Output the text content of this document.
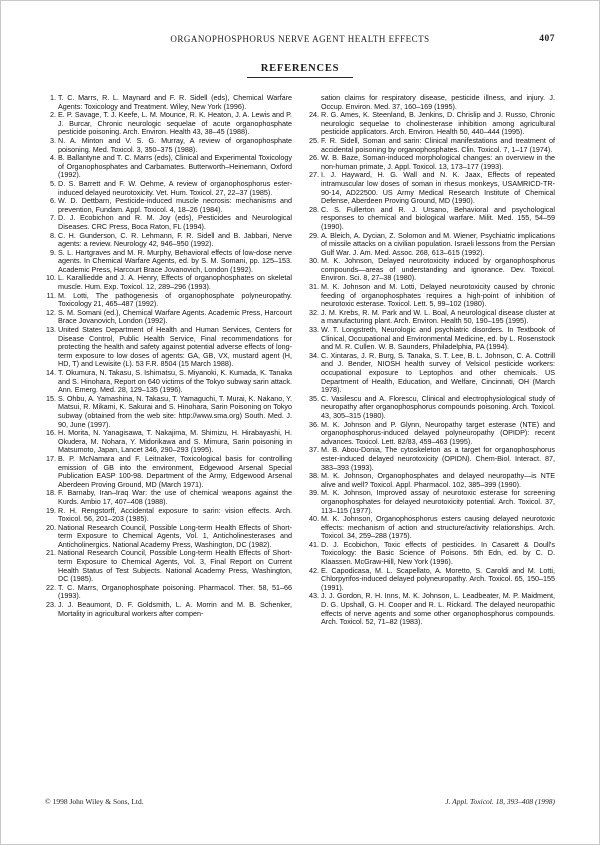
ORGANOPHOSPHORUS NERVE AGENT HEALTH EFFECTS	407
REFERENCES
1. T. C. Marrs, R. L. Maynard and F. R. Sidell (eds), Chemical Warfare Agents: Toxicology and Treatment. Wiley, New York (1996).
2. E. P. Savage, T. J. Keefe, L. M. Mounce, R. K. Heaton, J. A. Lewis and P. J. Burcar, Chronic neurologic sequelae of acute organophosphate pesticide poisoning. Arch. Environ. Health 43, 38–45 (1988).
3. N. A. Minton and V. S. G. Murray, A review of organophosphate poisoning. Med. Toxicol. 3, 350–375 (1988).
4. B. Ballantyne and T. C. Marrs (eds), Clinical and Experimental Toxicology of Organophosphates and Carbamates. Butterworth–Heinemann, Oxford (1992).
5. D. S. Barrett and F. W. Oehme, A review of organophosphorus ester-induced delayed neurotoxicity. Vet. Hum. Toxicol. 27, 22–37 (1985).
6. W. D. Dettbarn, Pesticide-induced muscle necrosis: mechanisms and prevention, Fundam. Appl. Toxicol. 4, 18–26 (1984).
7. D. J. Ecobichon and R. M. Joy (eds), Pesticides and Neurological Diseases. CRC Press, Boca Raton, FL (1994).
8. C. H. Gunderson, C. R. Lehmann, F. R. Sidell and B. Jabbari, Nerve agents: a review. Neurology 42, 946–950 (1992).
9. S. L. Hartgraves and M. R. Murphy, Behavioral effects of low-dose nerve agents. In Chemical Warfare Agents, ed. by S. M. Somani, pp. 125–153. Academic Press, Harcourt Brace Jovanovich, London (1992).
10. L. Karalliedde and J. A. Henry, Effects of organophosphates on skeletal muscle. Hum. Exp. Toxicol. 12, 289–296 (1993).
11. M. Lotti, The pathogenesis of organophosphate polyneuropathy. Toxicology 21, 465–487 (1992).
12. S. M. Somani (ed.), Chemical Warfare Agents. Academic Press, Harcourt Brace Jovanovich, London (1992).
13. United States Department of Health and Human Services, Centers for Disease Control, Public Health Service, Final recommendations for protecting the health and safety against potential adverse effects of long-term exposure to low doses of agents: GA, GB, VX, mustard agent (H, HD, T) and Lewisite (L). 53 F.R. 8504 (15 March 1988).
14. T. Okumura, N. Takasu, S. Ishimatsu, S. Miyanoki, K. Kumada, K. Tanaka and S. Hinohara, Report on 640 victims of the Tokyo subway sarin attack. Ann. Emerg. Med. 28, 129–135 (1996).
15. S. Ohbu, A. Yamashina, N. Takasu, T. Yamaguchi, T. Murai, K. Nakano, Y. Matsui, R. Mikami, K. Sakurai and S. Hinohara, Sarin Poisoning on Tokyo subway (obtained from the web site: http://www.sma.org) South. Med. J. 90, June (1997).
16. H. Morita, N. Yanagisawa, T. Nakajima, M. Shimizu, H. Hirabayashi, H. Okudera, M. Nohara, Y. Midorikawa and S. Mimura, Sarin poisoning in Matsumoto, Japan, Lancet 346, 290–293 (1995).
17. B. P. McNamara and F. Leitnaker, Toxicological basis for controlling emission of GB into the environment, Edgewood Arsenal Special Publication EASP 100-98. Department of the Army, Edgewood Arsenal Aberdeen Proving Ground, MD (March 1971).
18. F. Barnaby, Iran–Iraq War: the use of chemical weapons against the Kurds. Ambio 17, 407–408 (1988).
19. R. H. Rengstorff, Accidental exposure to sarin: vision effects. Arch. Toxicol. 56, 201–203 (1985).
20. National Research Council, Possible Long-term Health Effects of Short-term Exposure to Chemical Agents, Vol. 1, Anticholinesterases and Anticholinergics. National Academy Press, Washington, DC (1982).
21. National Research Council, Possible Long-term Health Effects of Short-term Exposure to Chemical Agents, Vol. 3, Final Report on Current Health Status of Test Subjects. National Academy Press, Washington, DC (1985).
22. T. C. Marrs, Organophosphate poisoning. Pharmacol. Ther. 58, 51–66 (1993).
23. J. J. Beaumont, D. F. Goldsmith, L. A. Morrin and M. B. Schenker, Mortality in agricultural workers after compen-

sation claims for respiratory disease, pesticide illness, and injury. J. Occup. Environ. Med. 37, 160–169 (1995).

24. R. G. Ames, K. Steenland, B. Jenkins, D. Chrislip and J. Russo, Chronic neurologic sequelae to cholinesterase inhibition among agricultural pesticide applicators. Arch. Environ. Health 50, 440–444 (1995).
25. F. R. Sidell, Soman and sarin: Clinical manifestations and treatment of accidental poisoning by organophosphates. Clin. Toxicol. 7, 1–17 (1974).
26. W. B. Baze, Soman-induced morphological changes: an overview in the non-human primate, J. Appl. Toxicol. 13, 173–177 (1993).
27. I. J. Hayward, H. G. Wall and N. K. Jaax, Effects of repeated intramuscular low doses of soman in rhesus monkeys, USAMRICD-TR-90-14, AD22500. US Army Medical Research Institute of Chemical Defense, Aberdeen Proving Ground, MD (1990).
28. C. S. Fullerton and R. J. Ursano, Behavioral and psychological responses to chemical and biological warfare. Milit. Med. 155, 54–59 (1990).
29. A. Bleich, A. Dycian, Z. Solomon and M. Wiener, Psychiatric implications of missile attacks on a civilian population. Israeli lessons from the Persian Gulf War. J. Am. Med. Assoc. 268, 613–615 (1992).
30. M. K. Johnson, Delayed neurotoxicity induced by organophosphorus compounds—areas of understanding and ignorance. Dev. Toxicol. Environ. Sci. 8, 27–38 (1980).
31. M. K. Johnson and M. Lotti, Delayed neurotoxicity caused by chronic feeding of organophosphates requires a high-point of inhibition of neurotoxic esterase. Toxicol. Lett. 5, 99–102 (1980).
32. J. M. Krebs, R. M. Park and W. L. Boal, A neurological disease cluster at a manufacturing plant. Arch. Environ. Health 50, 190–195 (1995).
33. W. T. Longstreth, Neurologic and psychiatric disorders. In Textbook of Clinical, Occupational and Environmental Medicine, ed. by L. Rosenstock and M. R. Cullen. W. B. Saunders, Philadelphia, PA (1994).
34. C. Xintaras, J. R. Burg, S. Tanaka, S. T. Lee, B. L. Johnson, C. A. Cottrill and J. Bender, NIOSH health survey of Velsicol pesticide workers: occupational exposure to Leptophos and other chemicals. US Department of Health, Education, and Welfare, Cincinnati, OH (March 1978).
35. C. Vasilescu and A. Florescu, Clinical and electrophysiological study of neuropathy after organophosphorus compounds poisoning. Arch. Toxicol. 43, 305–315 (1980).
36. M. K. Johnson and P. Glynn, Neuropathy target esterase (NTE) and organophosphorus-induced delayed polyneuropathy (OPIDP): recent advances. Toxicol. Lett. 82/83, 459–463 (1995).
37. M. B. Abou-Donia, The cytoskeleton as a target for organophosphorus ester-induced delayed neurotoxicity (OPIDN). Chem-Biol. Interact. 87, 383–393 (1993).
38. M. K. Johnson, Organophosphates and delayed neuropathy—is NTE alive and well? Toxicol. Appl. Pharmacol. 102, 385–399 (1990).
39. M. K. Johnson, Improved assay of neurotoxic esterase for screening organophosphates for delayed neurotoxicity potential. Arch. Toxicol. 37, 113–115 (1977).
40. M. K. Johnson, Organophosphorus esters causing delayed neurotoxic effects: mechanism of action and structure/activity relationships. Arch. Toxicol. 34, 259–288 (1975).
41. D. J. Ecobichon, Toxic effects of pesticides. In Casarett & Doull's Toxicology: the Basic Science of Poisons. 5th Edn, ed. by C. D. Klaassen. McGraw-Hill, New York (1996).
42. E. Capodicasa, M. L. Scapellato, A. Moretto, S. Caroldi and M. Lotti, Chlorpyrifos-induced delayed polyneuropathy. Arch. Toxicol. 65, 150–155 (1991).
43. J. J. Gordon, R. H. Inns, M. K. Johnson, L. Leadbeater, M. P. Maidment, D. G. Upshall, G. H. Cooper and R. L. Rickard. The delayed neuropathic effects of nerve agents and some other organophosphorus compounds. Arch. Toxicol. 52, 71–82 (1983).
© 1998 John Wiley & Sons, Ltd.	J. Appl. Toxicol. 18, 393–408 (1998)
